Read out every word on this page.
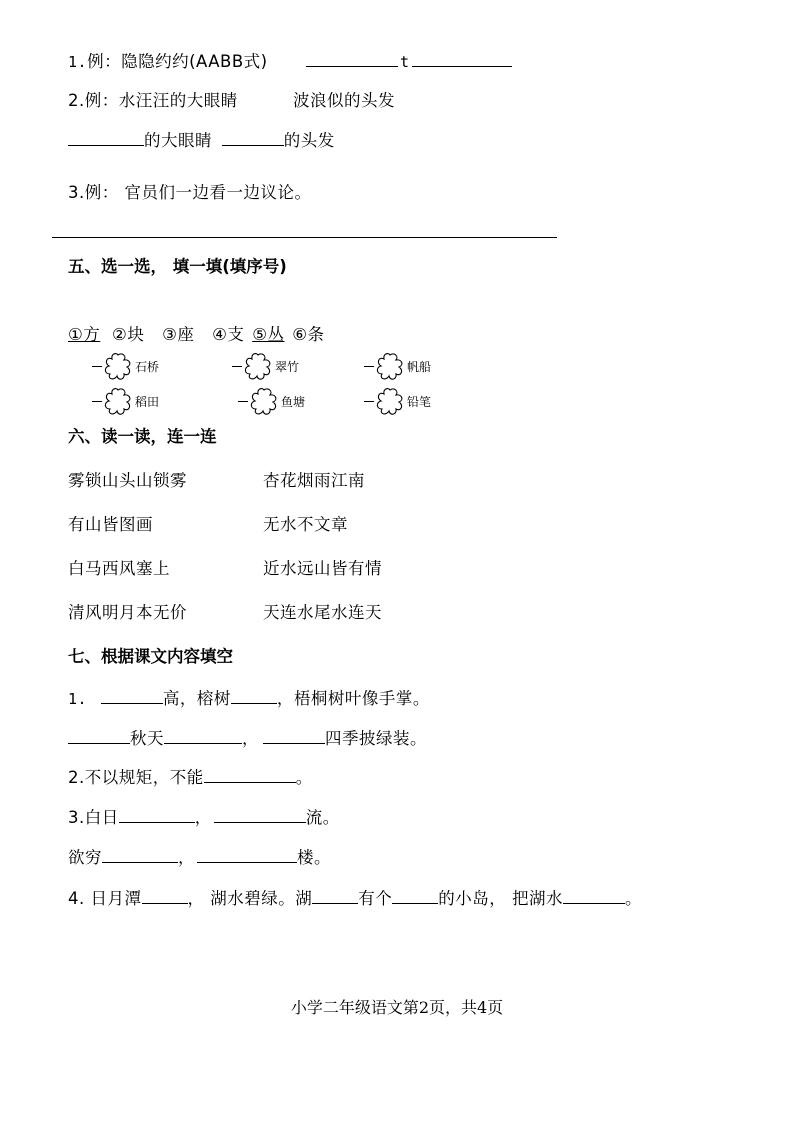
1.例：隐隐约约(AABB式)	t
2.例：水汪汪的大眼睛	波浪似的头发
的大眼睛	的头发
3.例： 官员们一边看一边议论。
五、选一选， 填一填(填序号)
①方 ②块 ③座 ④支 ⑤丛 ⑥条
石桥	翠竹	帆船
稻田	鱼塘	铅笔
六、读一读，连一连
雾锁山头山锁雾	杏花烟雨江南
有山皆图画	无水不文章
白马西风塞上	近水远山皆有情
清风明月本无价	天连水尾水连天
七、根据课文内容填空
1.	高，榕树	，梧桐树叶像手掌。
秋天	，	四季披绿装。
2.不以规矩，不能	。
3.白日	，	流。
欲穷	，	楼。
4. 日月潭	， 湖水碧绿。湖	有个	的小岛， 把湖水	。
小学二年级语文第2页，共4页
